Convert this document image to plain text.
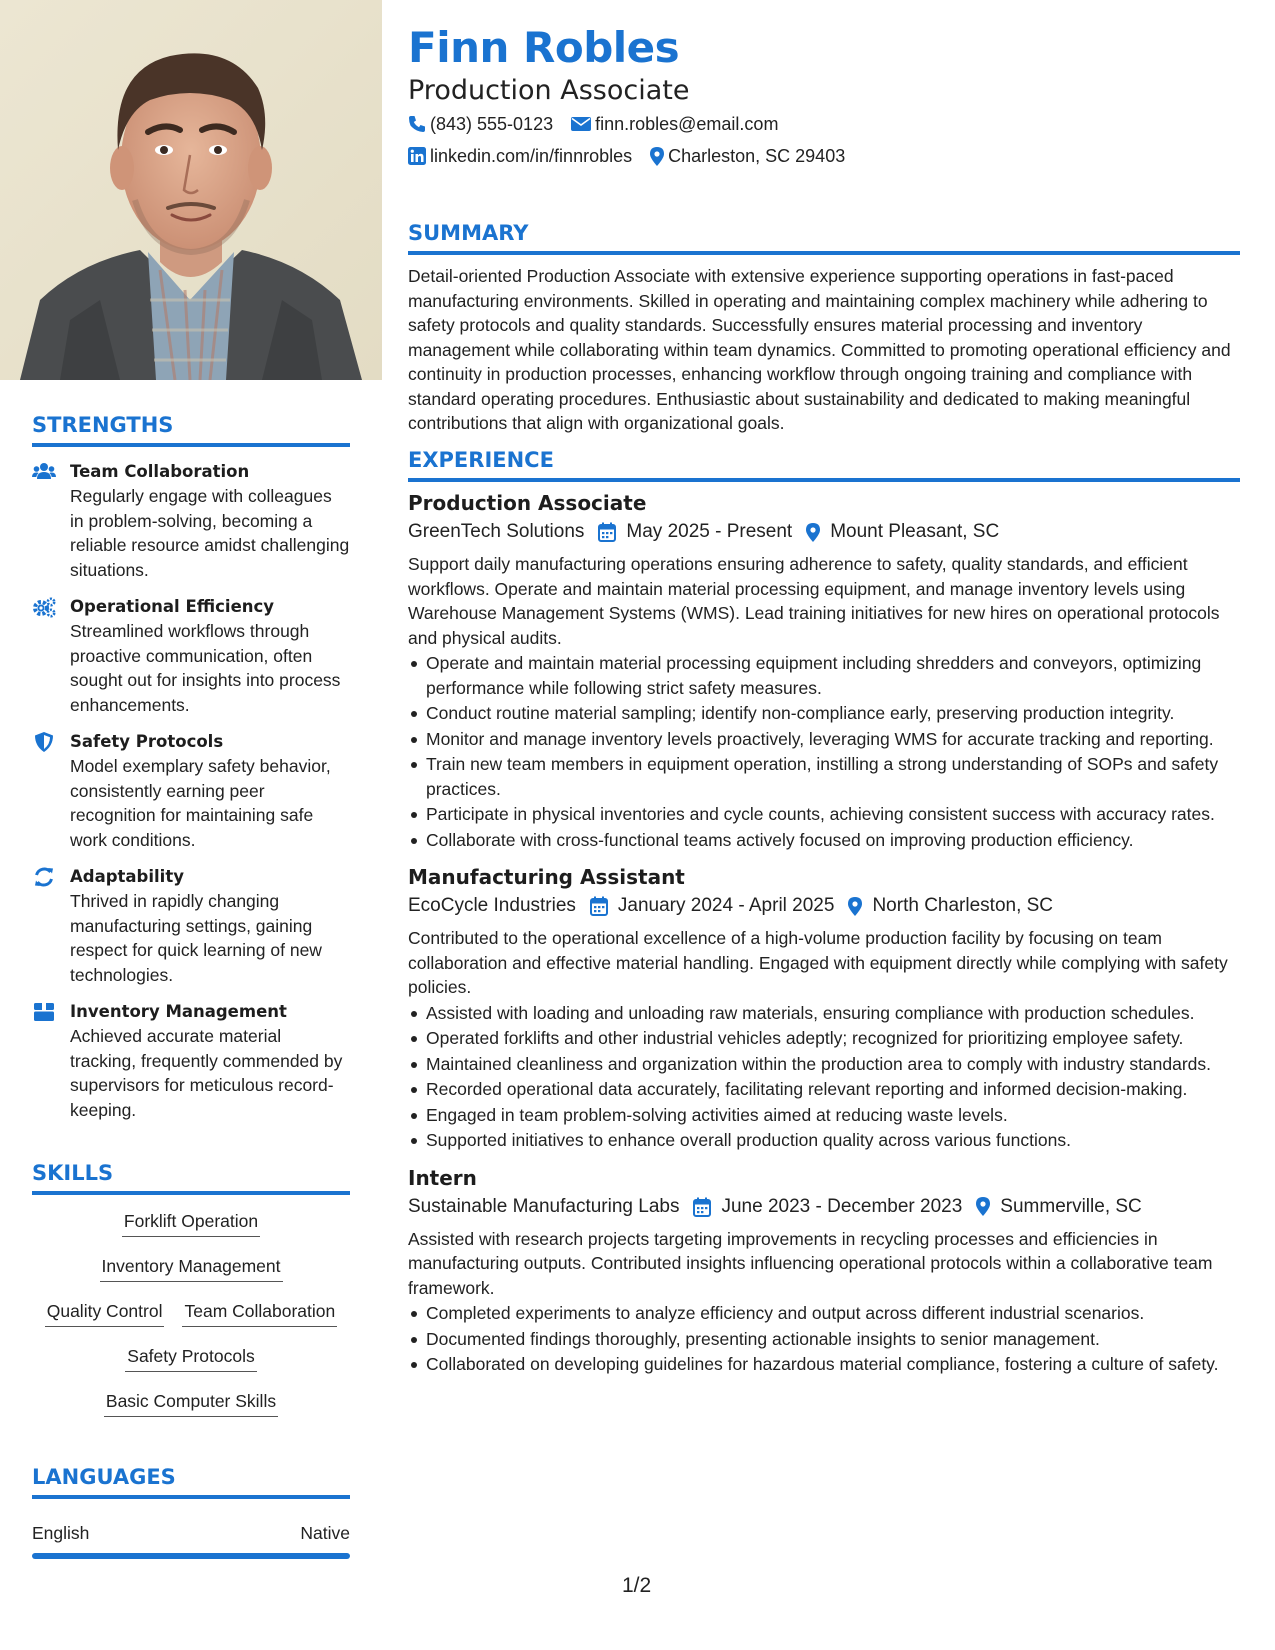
STRENGTHS
Team Collaboration
Regularly engage with colleagues in problem-solving, becoming a reliable resource amidst challenging situations.
Operational Efficiency
Streamlined workflows through proactive communication, often sought out for insights into process enhancements.
Safety Protocols
Model exemplary safety behavior, consistently earning peer recognition for maintaining safe work conditions.
Adaptability
Thrived in rapidly changing manufacturing settings, gaining respect for quick learning of new technologies.
Inventory Management
Achieved accurate material tracking, frequently commended by supervisors for meticulous record-keeping.
SKILLS
Forklift Operation
Inventory Management
Quality Control Team Collaboration
Safety Protocols
Basic Computer Skills
LANGUAGES
English	Native
Finn Robles
Production Associate
(843) 555-0123 finn.robles@email.com
linkedin.com/in/finnrobles Charleston, SC 29403
SUMMARY

Detail-oriented Production Associate with extensive experience supporting operations in fast-paced manufacturing environments. Skilled in operating and maintaining complex machinery while adhering to safety protocols and quality standards. Successfully ensures material processing and inventory management while collaborating within team dynamics. Committed to promoting operational efficiency and continuity in production processes, enhancing workflow through ongoing training and compliance with standard operating procedures. Enthusiastic about sustainability and dedicated to making meaningful contributions that align with organizational goals.

EXPERIENCE
Production Associate
GreenTech Solutions May 2025 - Present Mount Pleasant, SC

Support daily manufacturing operations ensuring adherence to safety, quality standards, and efficient workflows. Operate and maintain material processing equipment, and manage inventory levels using Warehouse Management Systems (WMS). Lead training initiatives for new hires on operational protocols and physical audits.

Operate and maintain material processing equipment including shredders and conveyors, optimizing performance while following strict safety measures.
Conduct routine material sampling; identify non-compliance early, preserving production integrity.
Monitor and manage inventory levels proactively, leveraging WMS for accurate tracking and reporting.
Train new team members in equipment operation, instilling a strong understanding of SOPs and safety practices.
Participate in physical inventories and cycle counts, achieving consistent success with accuracy rates.
Collaborate with cross-functional teams actively focused on improving production efficiency.
Manufacturing Assistant
EcoCycle Industries January 2024 - April 2025 North Charleston, SC

Contributed to the operational excellence of a high-volume production facility by focusing on team collaboration and effective material handling. Engaged with equipment directly while complying with safety policies.

Assisted with loading and unloading raw materials, ensuring compliance with production schedules.
Operated forklifts and other industrial vehicles adeptly; recognized for prioritizing employee safety.
Maintained cleanliness and organization within the production area to comply with industry standards.
Recorded operational data accurately, facilitating relevant reporting and informed decision-making.
Engaged in team problem-solving activities aimed at reducing waste levels.
Supported initiatives to enhance overall production quality across various functions.
Intern
Sustainable Manufacturing Labs June 2023 - December 2023 Summerville, SC

Assisted with research projects targeting improvements in recycling processes and efficiencies in manufacturing outputs. Contributed insights influencing operational protocols within a collaborative team framework.

Completed experiments to analyze efficiency and output across different industrial scenarios.
Documented findings thoroughly, presenting actionable insights to senior management.
Collaborated on developing guidelines for hazardous material compliance, fostering a culture of safety.
1/2
